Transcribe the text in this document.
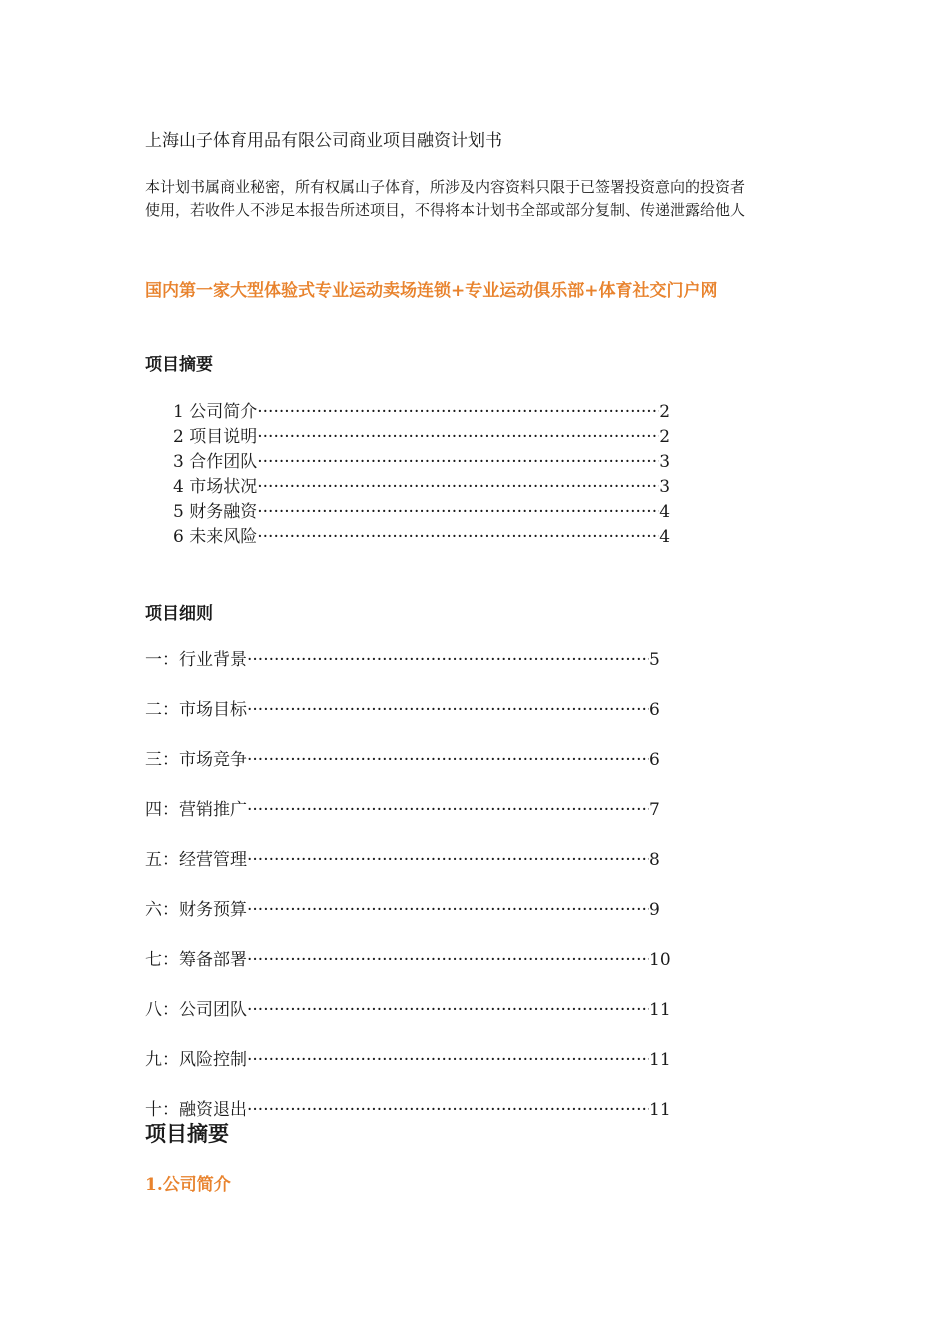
上海山子体育用品有限公司商业项目融资计划书
本计划书属商业秘密，所有权属山子体育，所涉及内容资料只限于已签署投资意向的投资者
使用，若收件人不涉足本报告所述项目，不得将本计划书全部或部分复制、传递泄露给他人
国内第一家大型体验式专业运动卖场连锁+专业运动俱乐部+体育社交门户网
项目摘要
1 公司简介 ·····	2
2 项目说明 ·····	2
3 合作团队 ·····	3
4 市场状况 ·····	3
5 财务融资 ·····	4
6 未来风险 ·····	4
项目细则
一：行业背景 ·····	5
二：市场目标 ·····	6
三：市场竞争 ·····	6
四：营销推广 ·····	7
五：经营管理 ·····	8
六：财务预算 ·····	9
七：筹备部署 ·····	10
八：公司团队 ·····	11
九：风险控制 ·····	11
十：融资退出 ·····	11
项目摘要
1.公司简介
